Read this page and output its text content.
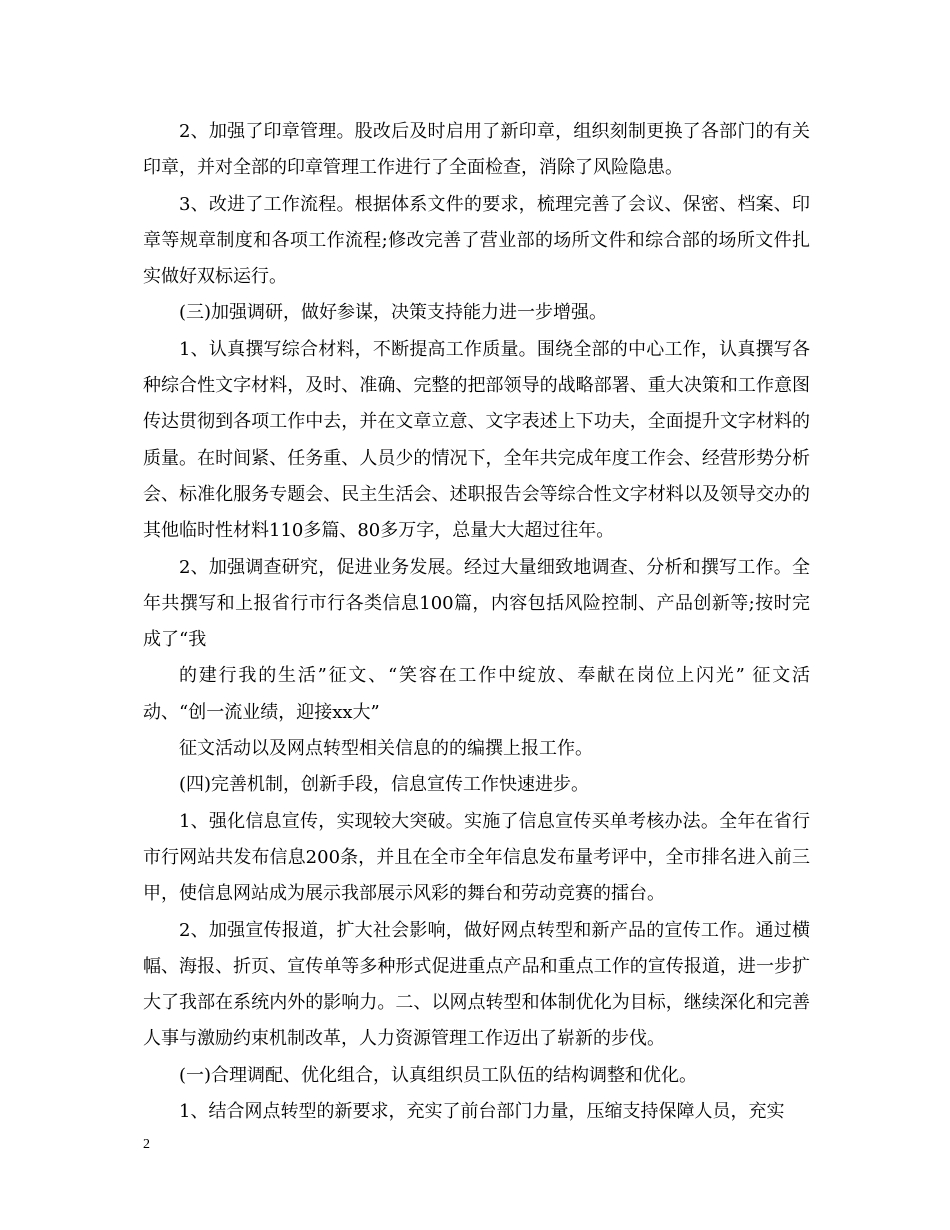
2、加强了印章管理。股改后及时启用了新印章，组织刻制更换了各部门的有关印章，并对全部的印章管理工作进行了全面检查，消除了风险隐患。

3、改进了工作流程。根据体系文件的要求，梳理完善了会议、保密、档案、印章等规章制度和各项工作流程;修改完善了营业部的场所文件和综合部的场所文件扎实做好双标运行。

(三)加强调研，做好参谋，决策支持能力进一步增强。

1、认真撰写综合材料，不断提高工作质量。围绕全部的中心工作，认真撰写各种综合性文字材料，及时、准确、完整的把部领导的战略部署、重大决策和工作意图传达贯彻到各项工作中去，并在文章立意、文字表述上下功夫，全面提升文字材料的质量。在时间紧、任务重、人员少的情况下，全年共完成年度工作会、经营形势分析会、标准化服务专题会、民主生活会、述职报告会等综合性文字材料以及领导交办的其他临时性材料110多篇、80多万字，总量大大超过往年。

2、加强调查研究，促进业务发展。经过大量细致地调查、分析和撰写工作。全年共撰写和上报省行市行各类信息100篇，内容包括风险控制、产品创新等;按时完成了“我

的建行我的生活”征文、“笑容在工作中绽放、奉献在岗位上闪光” 征文活动、“创一流业绩，迎接xx大”

征文活动以及网点转型相关信息的的编撰上报工作。

(四)完善机制，创新手段，信息宣传工作快速进步。

1、强化信息宣传，实现较大突破。实施了信息宣传买单考核办法。全年在省行市行网站共发布信息200条，并且在全市全年信息发布量考评中，全市排名进入前三甲，使信息网站成为展示我部展示风彩的舞台和劳动竞赛的擂台。

2、加强宣传报道，扩大社会影响，做好网点转型和新产品的宣传工作。通过横幅、海报、折页、宣传单等多种形式促进重点产品和重点工作的宣传报道，进一步扩大了我部在系统内外的影响力。二、以网点转型和体制优化为目标，继续深化和完善人事与激励约束机制改革，人力资源管理工作迈出了崭新的步伐。

(一)合理调配、优化组合，认真组织员工队伍的结构调整和优化。

1、结合网点转型的新要求，充实了前台部门力量，压缩支持保障人员，充实

2
